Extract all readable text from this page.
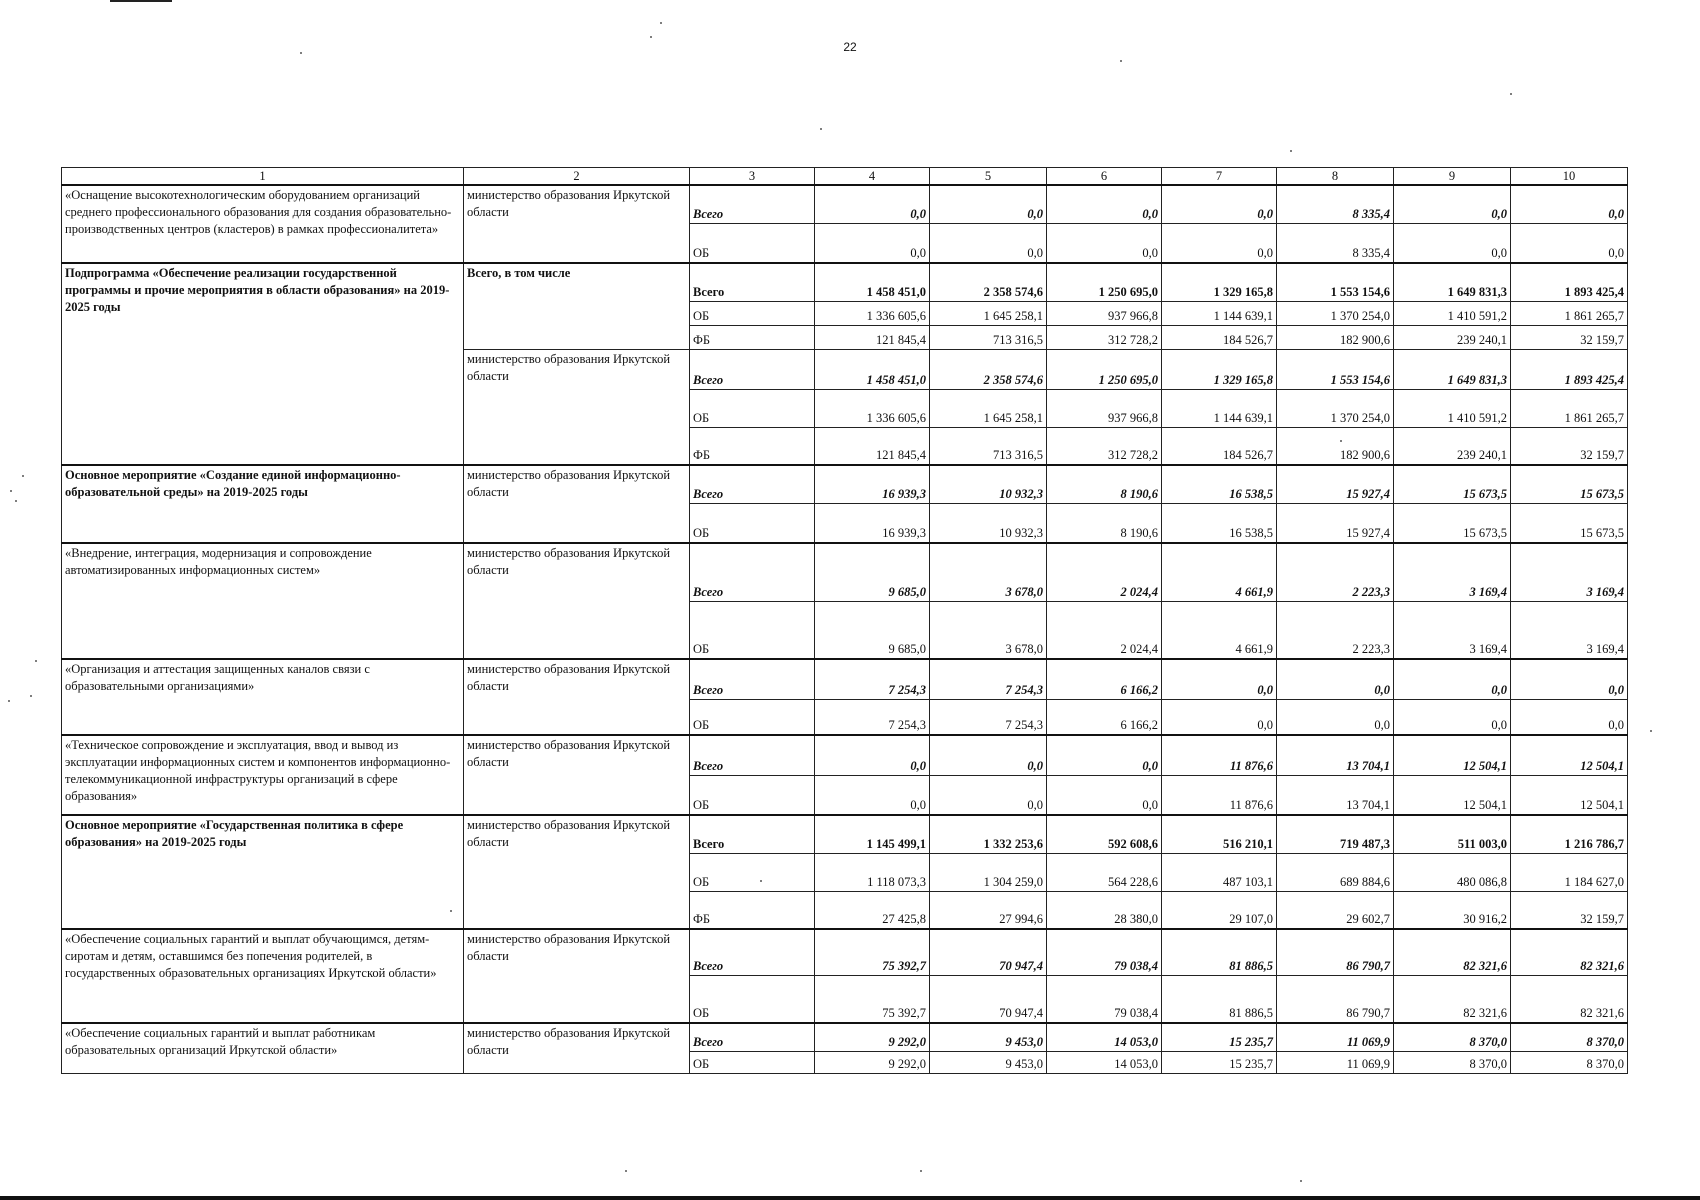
22
1	2	3	4	5	6	7	8	9	10
«Оснащение высокотехнологическим оборудованием организаций среднего профессионального образования для создания образовательно-производственных центров (кластеров) в рамках профессионалитета»	министерство образования Иркутской области	Всего	0,0	0,0	0,0	0,0	8 335,4	0,0	0,0
		ОБ	0,0	0,0	0,0	0,0	8 335,4	0,0	0,0
Подпрограмма «Обеспечение реализации государственной программы и прочие мероприятия в области образования» на 2019-2025 годы	Всего, в том числе	Всего	1 458 451,0	2 358 574,6	1 250 695,0	1 329 165,8	1 553 154,6	1 649 831,3	1 893 425,4
		ОБ	1 336 605,6	1 645 258,1	937 966,8	1 144 639,1	1 370 254,0	1 410 591,2	1 861 265,7
		ФБ	121 845,4	713 316,5	312 728,2	184 526,7	182 900,6	239 240,1	32 159,7
	министерство образования Иркутской области	Всего	1 458 451,0	2 358 574,6	1 250 695,0	1 329 165,8	1 553 154,6	1 649 831,3	1 893 425,4
		ОБ	1 336 605,6	1 645 258,1	937 966,8	1 144 639,1	1 370 254,0	1 410 591,2	1 861 265,7
		ФБ	121 845,4	713 316,5	312 728,2	184 526,7	182 900,6	239 240,1	32 159,7
Основное мероприятие «Создание единой информационно-образовательной среды» на 2019-2025 годы	министерство образования Иркутской области	Всего	16 939,3	10 932,3	8 190,6	16 538,5	15 927,4	15 673,5	15 673,5
		ОБ	16 939,3	10 932,3	8 190,6	16 538,5	15 927,4	15 673,5	15 673,5
«Внедрение, интеграция, модернизация и сопровождение автоматизированных информационных систем»	министерство образования Иркутской области	Всего	9 685,0	3 678,0	2 024,4	4 661,9	2 223,3	3 169,4	3 169,4
		ОБ	9 685,0	3 678,0	2 024,4	4 661,9	2 223,3	3 169,4	3 169,4
«Организация и аттестация защищенных каналов связи с образовательными организациями»	министерство образования Иркутской области	Всего	7 254,3	7 254,3	6 166,2	0,0	0,0	0,0	0,0
		ОБ	7 254,3	7 254,3	6 166,2	0,0	0,0	0,0	0,0
«Техническое сопровождение и эксплуатация, ввод и вывод из эксплуатации информационных систем и компонентов информационно-телекоммуникационной инфраструктуры организаций в сфере образования»	министерство образования Иркутской области	Всего	0,0	0,0	0,0	11 876,6	13 704,1	12 504,1	12 504,1
		ОБ	0,0	0,0	0,0	11 876,6	13 704,1	12 504,1	12 504,1
Основное мероприятие «Государственная политика в сфере образования» на 2019-2025 годы	министерство образования Иркутской области	Всего	1 145 499,1	1 332 253,6	592 608,6	516 210,1	719 487,3	511 003,0	1 216 786,7
		ОБ	1 118 073,3	1 304 259,0	564 228,6	487 103,1	689 884,6	480 086,8	1 184 627,0
		ФБ	27 425,8	27 994,6	28 380,0	29 107,0	29 602,7	30 916,2	32 159,7
«Обеспечение социальных гарантий и выплат обучающимся, детям-сиротам и детям, оставшимся без попечения родителей, в государственных образовательных организациях Иркутской области»	министерство образования Иркутской области	Всего	75 392,7	70 947,4	79 038,4	81 886,5	86 790,7	82 321,6	82 321,6
		ОБ	75 392,7	70 947,4	79 038,4	81 886,5	86 790,7	82 321,6	82 321,6
«Обеспечение социальных гарантий и выплат работникам образовательных организаций Иркутской области»	министерство образования Иркутской области	Всего	9 292,0	9 453,0	14 053,0	15 235,7	11 069,9	8 370,0	8 370,0
		ОБ	9 292,0	9 453,0	14 053,0	15 235,7	11 069,9	8 370,0	8 370,0
